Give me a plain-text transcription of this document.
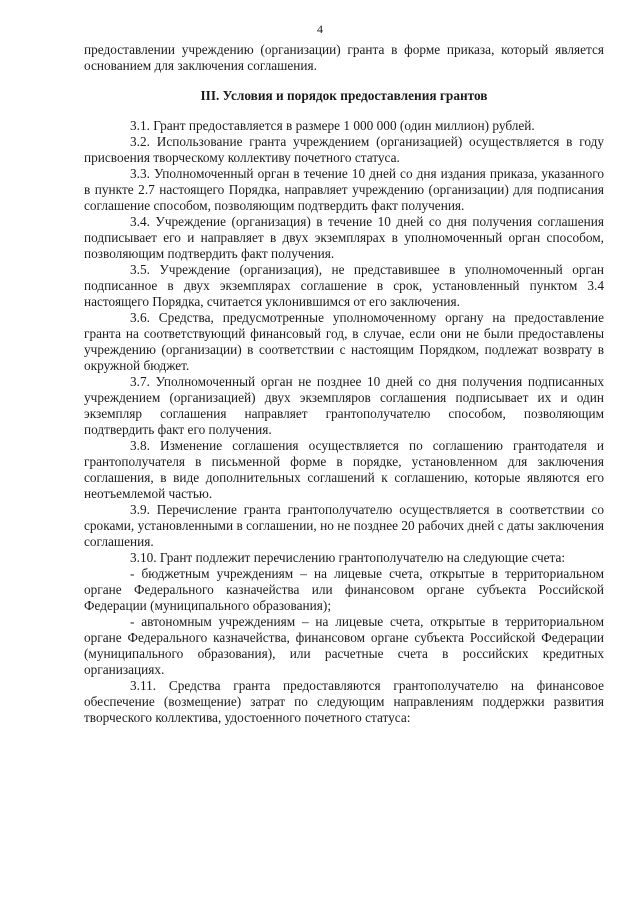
4

предоставлении учреждению (организации) гранта в форме приказа, который является основанием для заключения соглашения.

III. Условия и порядок предоставления грантов

3.1. Грант предоставляется в размере 1 000 000 (один миллион) рублей.

3.2. Использование гранта учреждением (организацией) осуществляется в году присвоения творческому коллективу почетного статуса.

3.3. Уполномоченный орган в течение 10 дней со дня издания приказа, указанного в пункте 2.7 настоящего Порядка, направляет учреждению (организации) для подписания соглашение способом, позволяющим подтвердить факт получения.

3.4. Учреждение (организация) в течение 10 дней со дня получения соглашения подписывает его и направляет в двух экземплярах в уполномоченный орган способом, позволяющим подтвердить факт получения.

3.5. Учреждение (организация), не представившее в уполномоченный орган подписанное в двух экземплярах соглашение в срок, установленный пунктом 3.4 настоящего Порядка, считается уклонившимся от его заключения.

3.6. Средства, предусмотренные уполномоченному органу на предоставление гранта на соответствующий финансовый год, в случае, если они не были предоставлены учреждению (организации) в соответствии с настоящим Порядком, подлежат возврату в окружной бюджет.

3.7. Уполномоченный орган не позднее 10 дней со дня получения подписанных учреждением (организацией) двух экземпляров соглашения подписывает их и один экземпляр соглашения направляет грантополучателю способом, позволяющим подтвердить факт его получения.

3.8. Изменение соглашения осуществляется по соглашению грантодателя и грантополучателя в письменной форме в порядке, установленном для заключения соглашения, в виде дополнительных соглашений к соглашению, которые являются его неотъемлемой частью.

3.9. Перечисление гранта грантополучателю осуществляется в соответствии со сроками, установленными в соглашении, но не позднее 20 рабочих дней с даты заключения соглашения.

3.10. Грант подлежит перечислению грантополучателю на следующие счета:

- бюджетным учреждениям – на лицевые счета, открытые в территориальном органе Федерального казначейства или финансовом органе субъекта Российской Федерации (муниципального образования);

- автономным учреждениям – на лицевые счета, открытые в территориальном органе Федерального казначейства, финансовом органе субъекта Российской Федерации (муниципального образования), или расчетные счета в российских кредитных организациях.

3.11. Средства гранта предоставляются грантополучателю на финансовое обеспечение (возмещение) затрат по следующим направлениям поддержки развития творческого коллектива, удостоенного почетного статуса:
